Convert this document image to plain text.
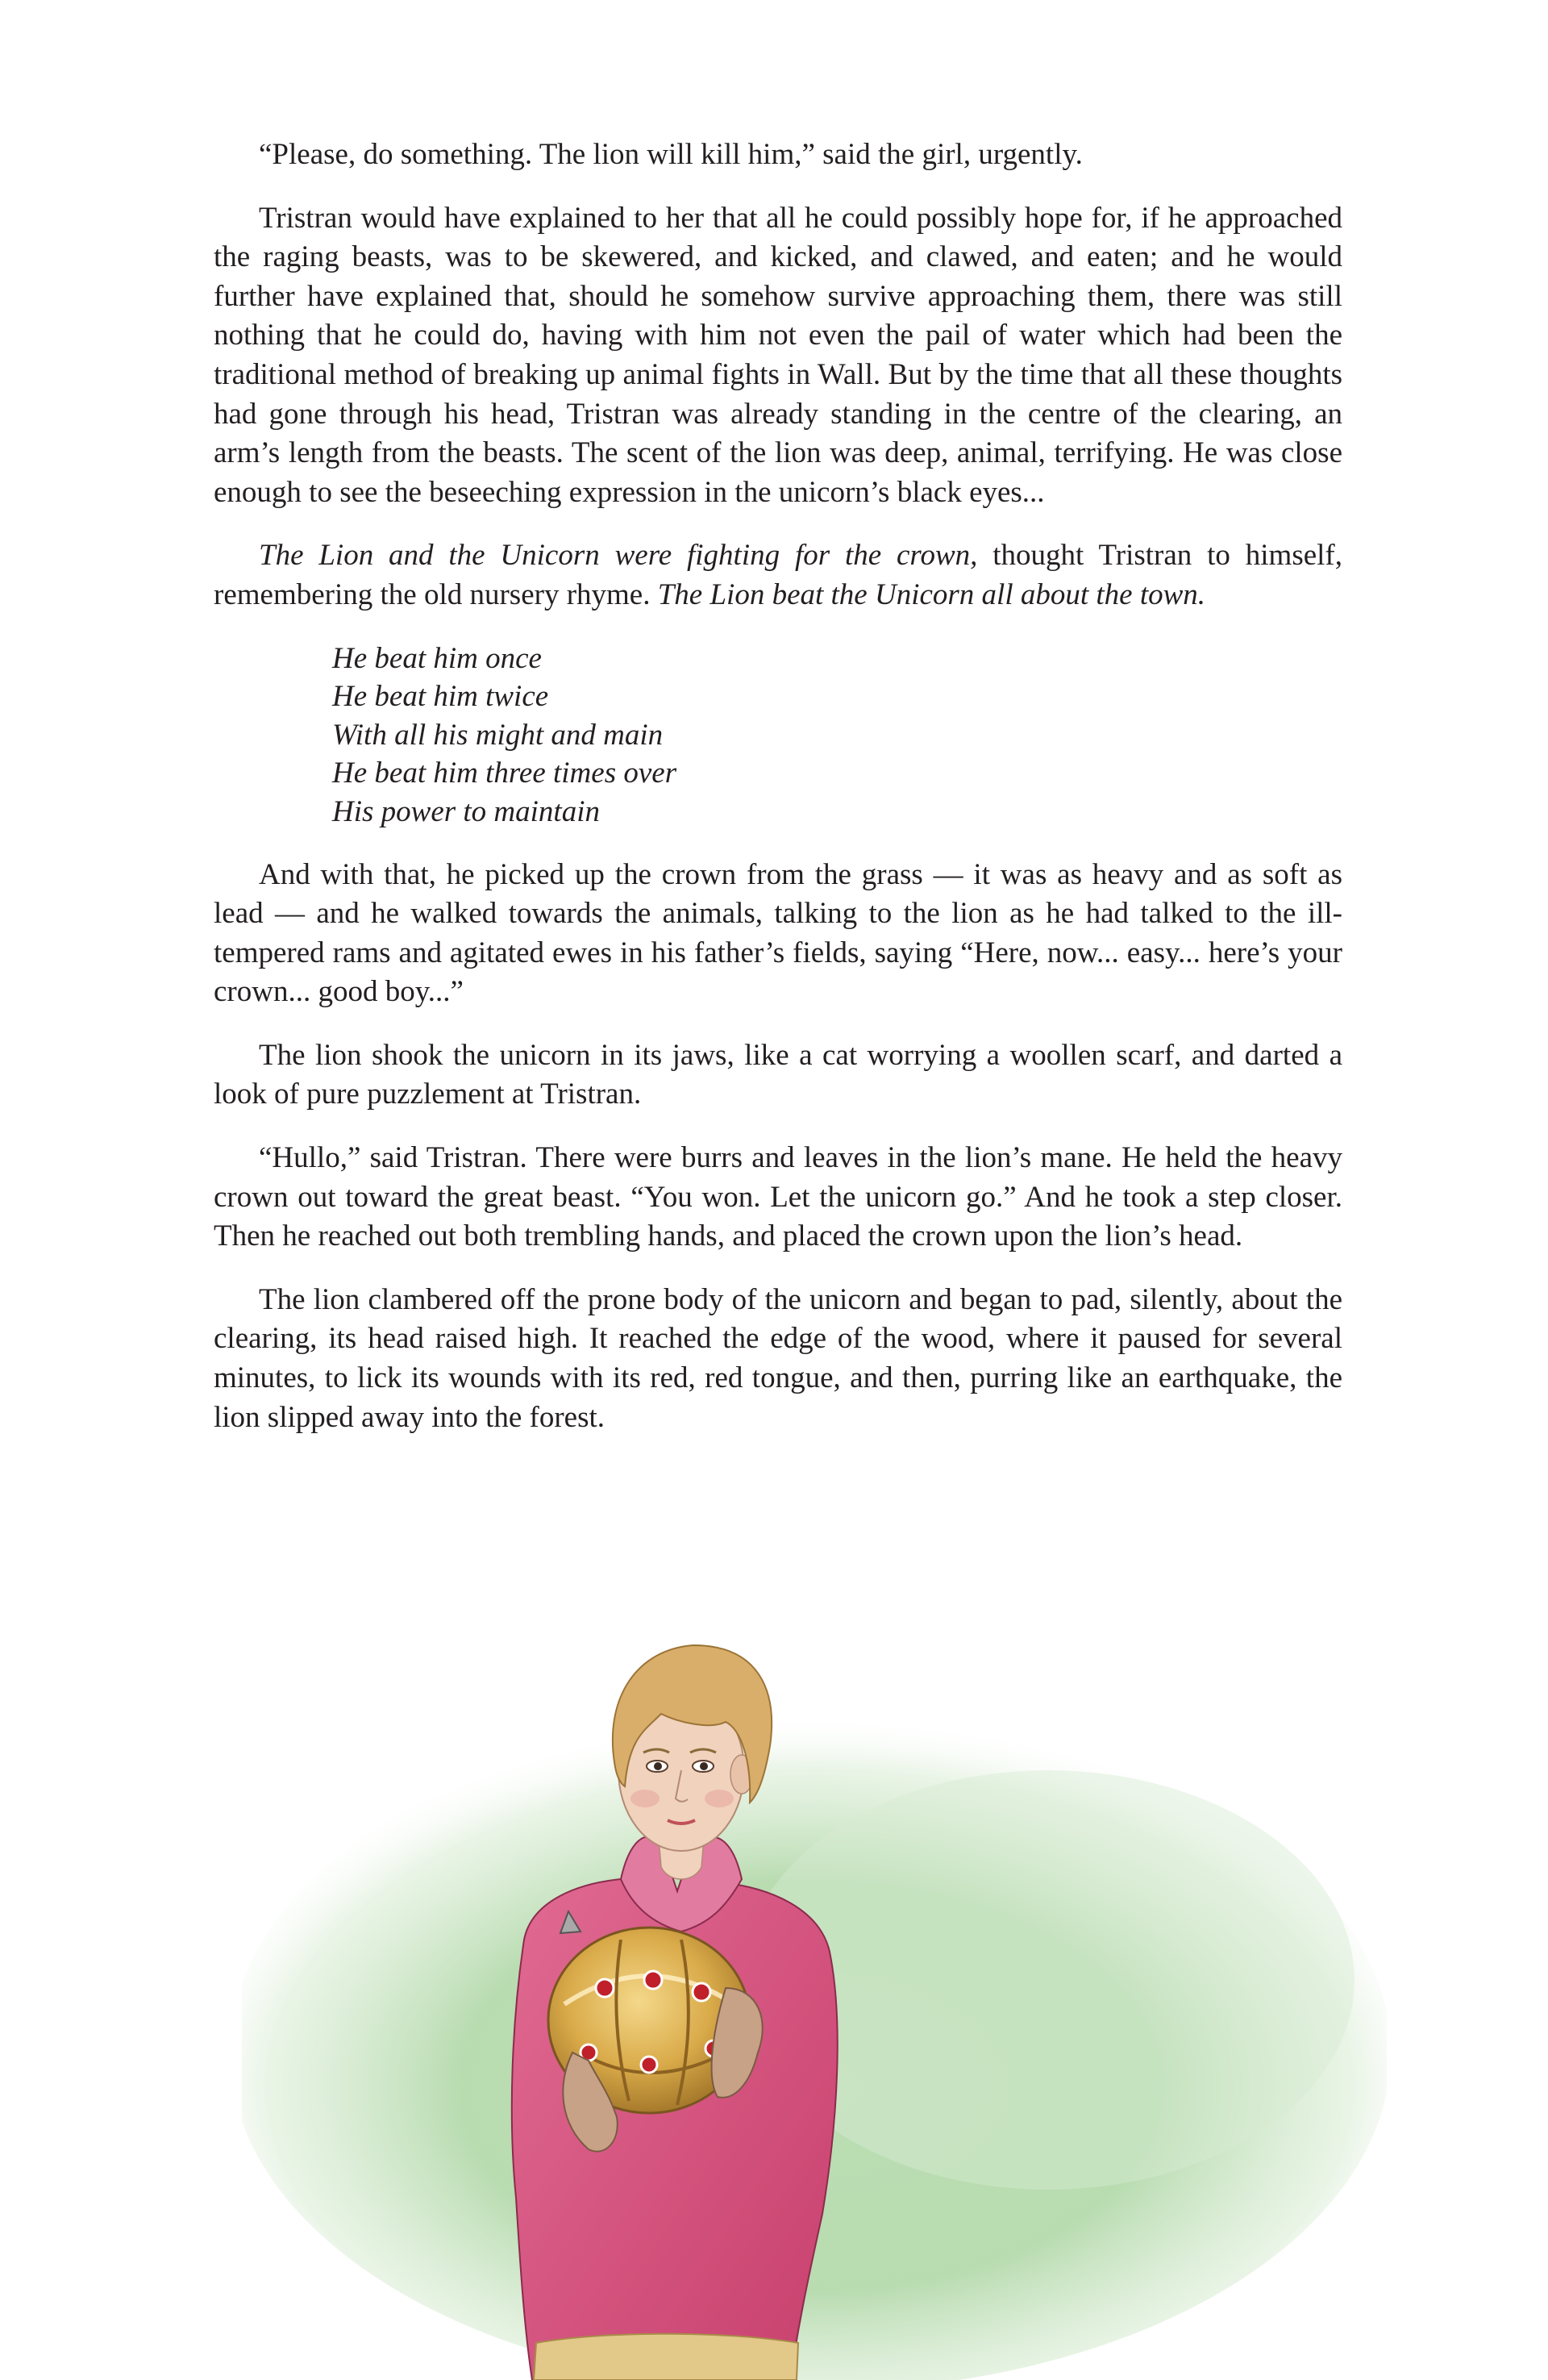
“Please, do something. The lion will kill him,” said the girl, urgently.

Tristran would have explained to her that all he could possibly hope for, if he approached the raging beasts, was to be skewered, and kicked, and clawed, and eaten; and he would further have explained that, should he somehow survive approaching them, there was still nothing that he could do, having with him not even the pail of water which had been the traditional method of breaking up animal fights in Wall. But by the time that all these thoughts had gone through his head, Tristran was already standing in the centre of the clearing, an arm’s length from the beasts. The scent of the lion was deep, animal, terrifying. He was close enough to see the beseeching expression in the unicorn’s black eyes...

The Lion and the Unicorn were fighting for the crown, thought Tristran to himself, remembering the old nursery rhyme. The Lion beat the Unicorn all about the town.

He beat him once
He beat him twice
With all his might and main
He beat him three times over
His power to maintain

And with that, he picked up the crown from the grass — it was as heavy and as soft as lead — and he walked towards the animals, talking to the lion as he had talked to the ill-tempered rams and agitated ewes in his father’s fields, saying “Here, now... easy... here’s your crown... good boy...”

The lion shook the unicorn in its jaws, like a cat worrying a woollen scarf, and darted a look of pure puzzlement at Tristran.

“Hullo,” said Tristran. There were burrs and leaves in the lion’s mane. He held the heavy crown out toward the great beast. “You won. Let the unicorn go.” And he took a step closer. Then he reached out both trembling hands, and placed the crown upon the lion’s head.

The lion clambered off the prone body of the unicorn and began to pad, silently, about the clearing, its head raised high. It reached the edge of the wood, where it paused for several minutes, to lick its wounds with its red, red tongue, and then, purring like an earthquake, the lion slipped away into the forest.
